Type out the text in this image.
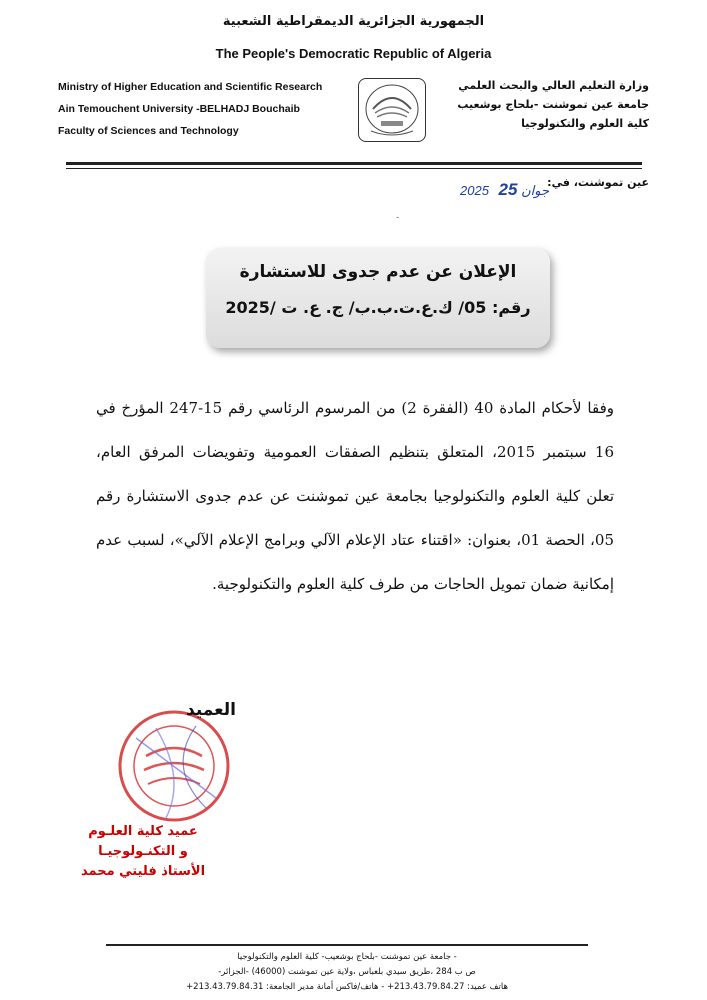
الجمهورية الجزائرية الديمقراطية الشعبية
The People's Democratic Republic of Algeria
Ministry of Higher Education and Scientific Research
Ain Temouchent University -BELHADJ Bouchaib
Faculty of Sciences and Technology
وزارة التعليم العالي والبحث العلمي
جامعة عين تموشنت -بلحاج بوشعيب
كلية العلوم والتكنولوجيا
عين تموشنت، في:
2025 جوان 25
˗
الإعلان عن عدم جدوى للاستشارة
رقم: 05/ ك.ع.ت.ب.ب/ ج. ع. ت /2025
وفقا لأحكام المادة 40 (الفقرة 2) من المرسوم الرئاسي رقم 15-247 المؤرخ في 16 سبتمبر 2015، المتعلق بتنظيم الصفقات العمومية وتفويضات المرفق العام، تعلن كلية العلوم والتكنولوجيا بجامعة عين تموشنت عن عدم جدوى الاستشارة رقم 05، الحصة 01، بعنوان: «اقتناء عتاد الإعلام الآلي وبرامج الإعلام الآلي»، لسبب عدم إمكانية ضمان تمويل الحاجات من طرف كلية العلوم والتكنولوجية.
العميد
عميد كلية العلـوم
و التكنـولوجيـا
الأستاذ فليتي محمد
- جامعة عين تموشنت -بلحاج بوشعيب- كلية العلوم والتكنولوجيا
ص ب 284 ،طريق سيدي بلعباس ،ولاية عين تموشنت (46000) -الجزائر-
هاتف عميد: 213.43.79.84.27+ - هاتف/فاكس أمانة مدير الجامعة: 213.43.79.84.31+
